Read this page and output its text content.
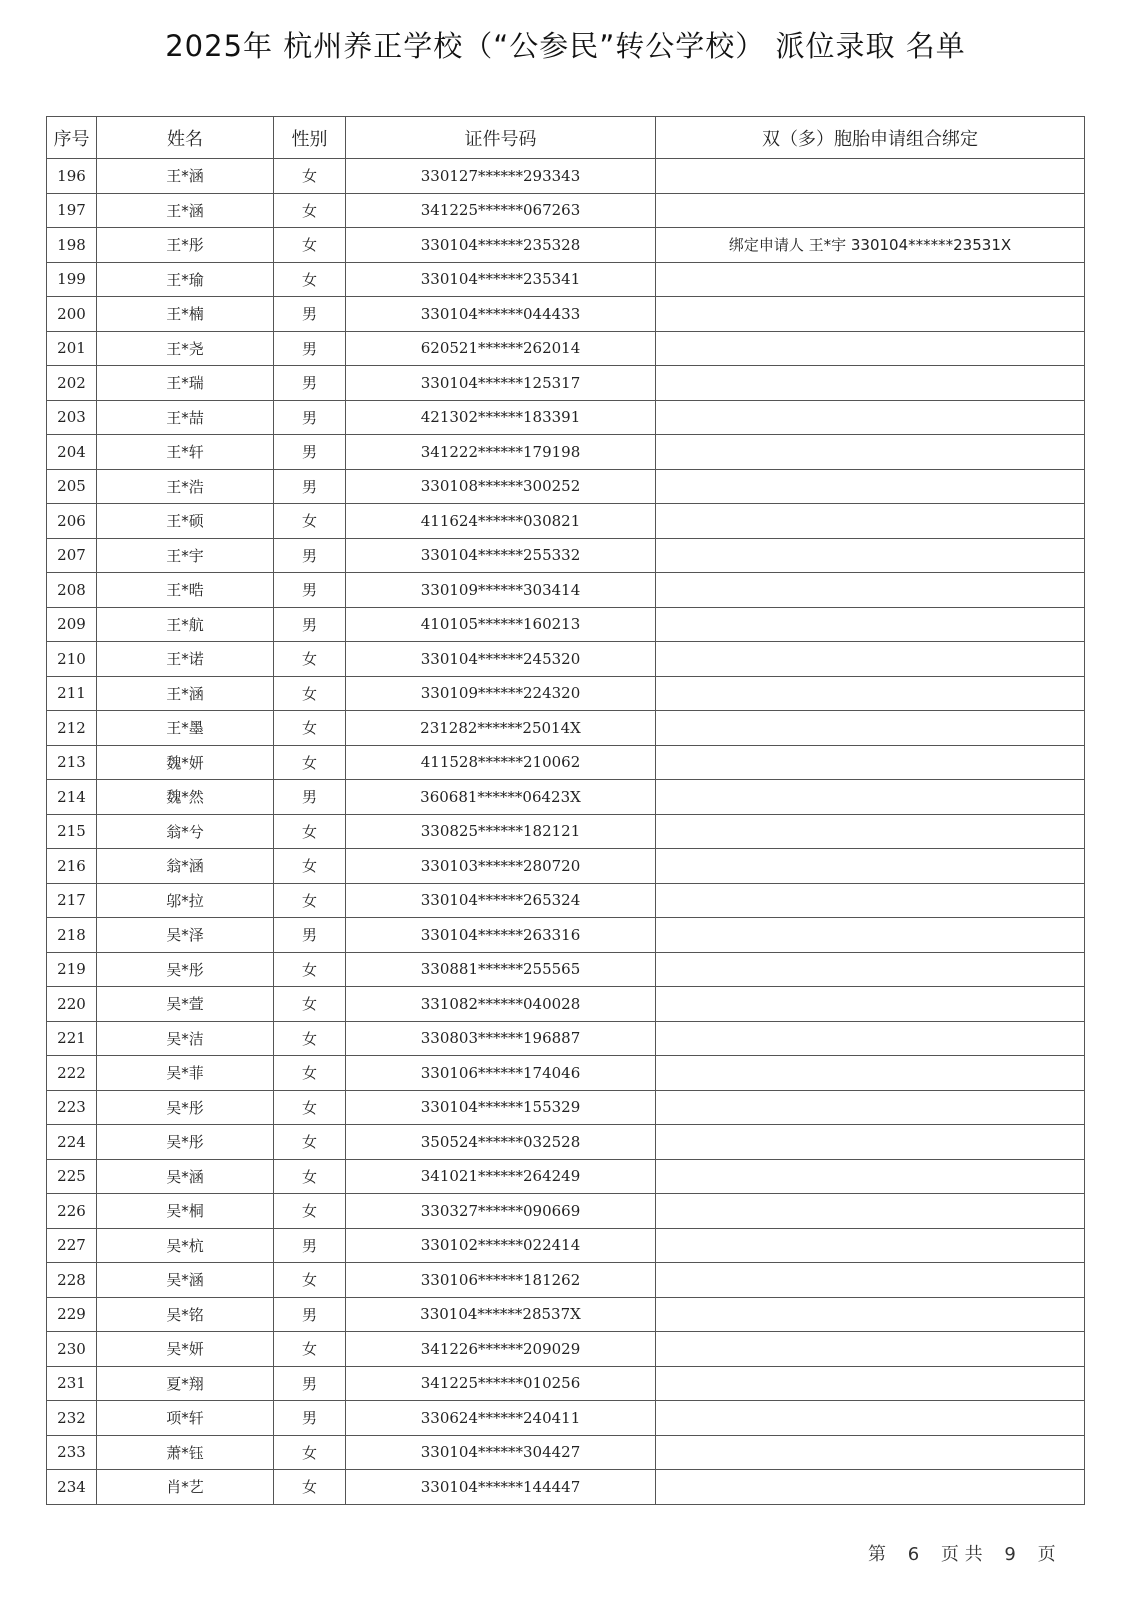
2025年 杭州养正学校（“公参民”转公学校） 派位录取 名单
序号	姓名	性别	证件号码	双（多）胞胎申请组合绑定
196	王*涵	女	330127******293343	
197	王*涵	女	341225******067263	
198	王*彤	女	330104******235328	绑定申请人 王*宇 330104******23531X
199	王*瑜	女	330104******235341	
200	王*楠	男	330104******044433	
201	王*尧	男	620521******262014	
202	王*瑞	男	330104******125317	
203	王*喆	男	421302******183391	
204	王*轩	男	341222******179198	
205	王*浩	男	330108******300252	
206	王*硕	女	411624******030821	
207	王*宇	男	330104******255332	
208	王*晧	男	330109******303414	
209	王*航	男	410105******160213	
210	王*诺	女	330104******245320	
211	王*涵	女	330109******224320	
212	王*墨	女	231282******25014X	
213	魏*妍	女	411528******210062	
214	魏*然	男	360681******06423X	
215	翁*兮	女	330825******182121	
216	翁*涵	女	330103******280720	
217	邬*拉	女	330104******265324	
218	吴*泽	男	330104******263316	
219	吴*彤	女	330881******255565	
220	吴*萱	女	331082******040028	
221	吴*洁	女	330803******196887	
222	吴*菲	女	330106******174046	
223	吴*彤	女	330104******155329	
224	吴*彤	女	350524******032528	
225	吴*涵	女	341021******264249	
226	吴*桐	女	330327******090669	
227	吴*杭	男	330102******022414	
228	吴*涵	女	330106******181262	
229	吴*铭	男	330104******28537X	
230	吴*妍	女	341226******209029	
231	夏*翔	男	341225******010256	
232	项*轩	男	330624******240411	
233	萧*钰	女	330104******304427	
234	肖*艺	女	330104******144447	
第 6 页 共 9 页
